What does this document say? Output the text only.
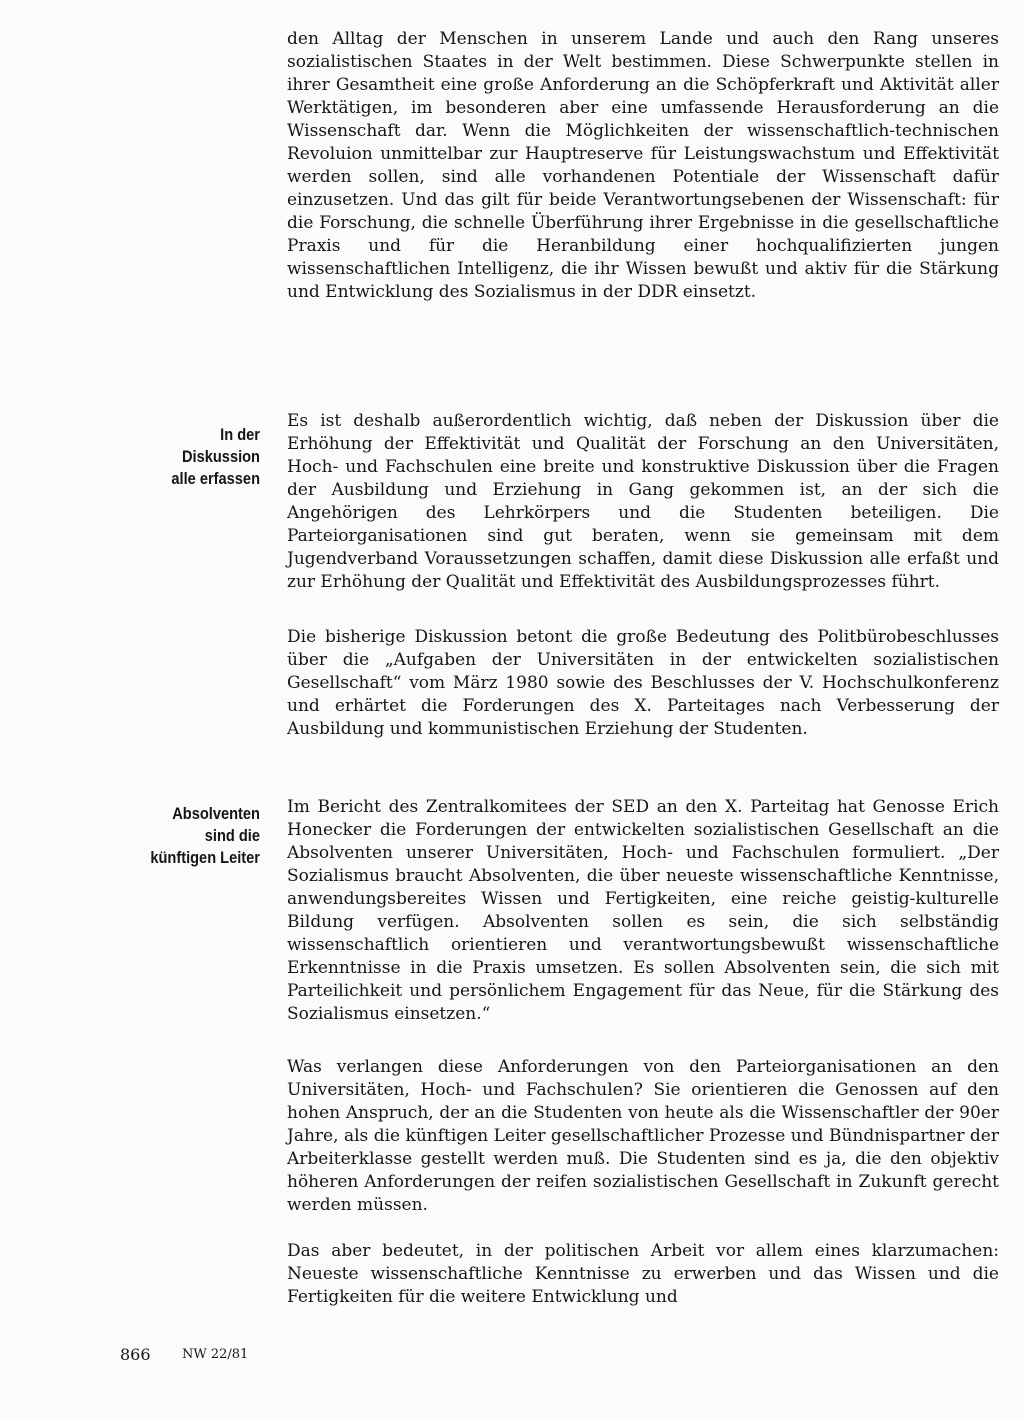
den Alltag der Menschen in unserem Lande und auch den Rang unseres sozialistischen Staates in der Welt bestimmen. Diese Schwerpunkte stellen in ihrer Gesamtheit eine große Anforderung an die Schöpferkraft und Aktivität aller Werktätigen, im besonderen aber eine umfassende Herausforderung an die Wissenschaft dar. Wenn die Möglichkeiten der wissenschaftlich-technischen Revoluion unmittelbar zur Hauptreserve für Leistungswachstum und Effektivität werden sollen, sind alle vorhandenen Potentiale der Wissenschaft dafür einzusetzen. Und das gilt für beide Verantwortungsebenen der Wissenschaft: für die Forschung, die schnelle Überführung ihrer Ergebnisse in die gesellschaftliche Praxis und für die Heranbildung einer hochqualifizierten jungen wissenschaftlichen Intelligenz, die ihr Wissen bewußt und aktiv für die Stärkung und Entwicklung des Sozialismus in der DDR einsetzt.

In der
Diskussion
alle erfassen

Es ist deshalb außerordentlich wichtig, daß neben der Diskussion über die Erhöhung der Effektivität und Qualität der Forschung an den Universitäten, Hoch- und Fachschulen eine breite und konstruktive Diskussion über die Fragen der Ausbildung und Erziehung in Gang gekommen ist, an der sich die Angehörigen des Lehrkörpers und die Studenten beteiligen. Die Parteiorganisationen sind gut beraten, wenn sie gemeinsam mit dem Jugendverband Voraussetzungen schaffen, damit diese Diskussion alle erfaßt und zur Erhöhung der Qualität und Effektivität des Ausbildungsprozesses führt.

Die bisherige Diskussion betont die große Bedeutung des Politbürobeschlusses über die „Aufgaben der Universitäten in der entwickelten sozialistischen Gesellschaft“ vom März 1980 sowie des Beschlusses der V. Hochschulkonferenz und erhärtet die Forderungen des X. Parteitages nach Verbesserung der Ausbildung und kommunistischen Erziehung der Studenten.

Absolventen
sind die
künftigen Leiter

Im Bericht des Zentralkomitees der SED an den X. Parteitag hat Genosse Erich Honecker die Forderungen der entwickelten sozialistischen Gesellschaft an die Absolventen unserer Universitäten, Hoch- und Fachschulen formuliert. „Der Sozialismus braucht Absolventen, die über neueste wissenschaftliche Kenntnisse, anwendungsbereites Wissen und Fertigkeiten, eine reiche geistig-kulturelle Bildung verfügen. Absolventen sollen es sein, die sich selbständig wissenschaftlich orientieren und verantwortungsbewußt wissenschaftliche Erkenntnisse in die Praxis umsetzen. Es sollen Absolventen sein, die sich mit Parteilichkeit und persönlichem Engagement für das Neue, für die Stärkung des Sozialismus einsetzen.“

Was verlangen diese Anforderungen von den Parteiorganisationen an den Universitäten, Hoch- und Fachschulen? Sie orientieren die Genossen auf den hohen Anspruch, der an die Studenten von heute als die Wissenschaftler der 90er Jahre, als die künftigen Leiter gesellschaftlicher Prozesse und Bündnispartner der Arbeiterklasse gestellt werden muß. Die Studenten sind es ja, die den objektiv höheren Anforderungen der reifen sozialistischen Gesellschaft in Zukunft gerecht werden müssen.

Das aber bedeutet, in der politischen Arbeit vor allem eines klarzumachen: Neueste wissenschaftliche Kenntnisse zu erwerben und das Wissen und die Fertigkeiten für die weitere Entwicklung und

866 NW 22/81
